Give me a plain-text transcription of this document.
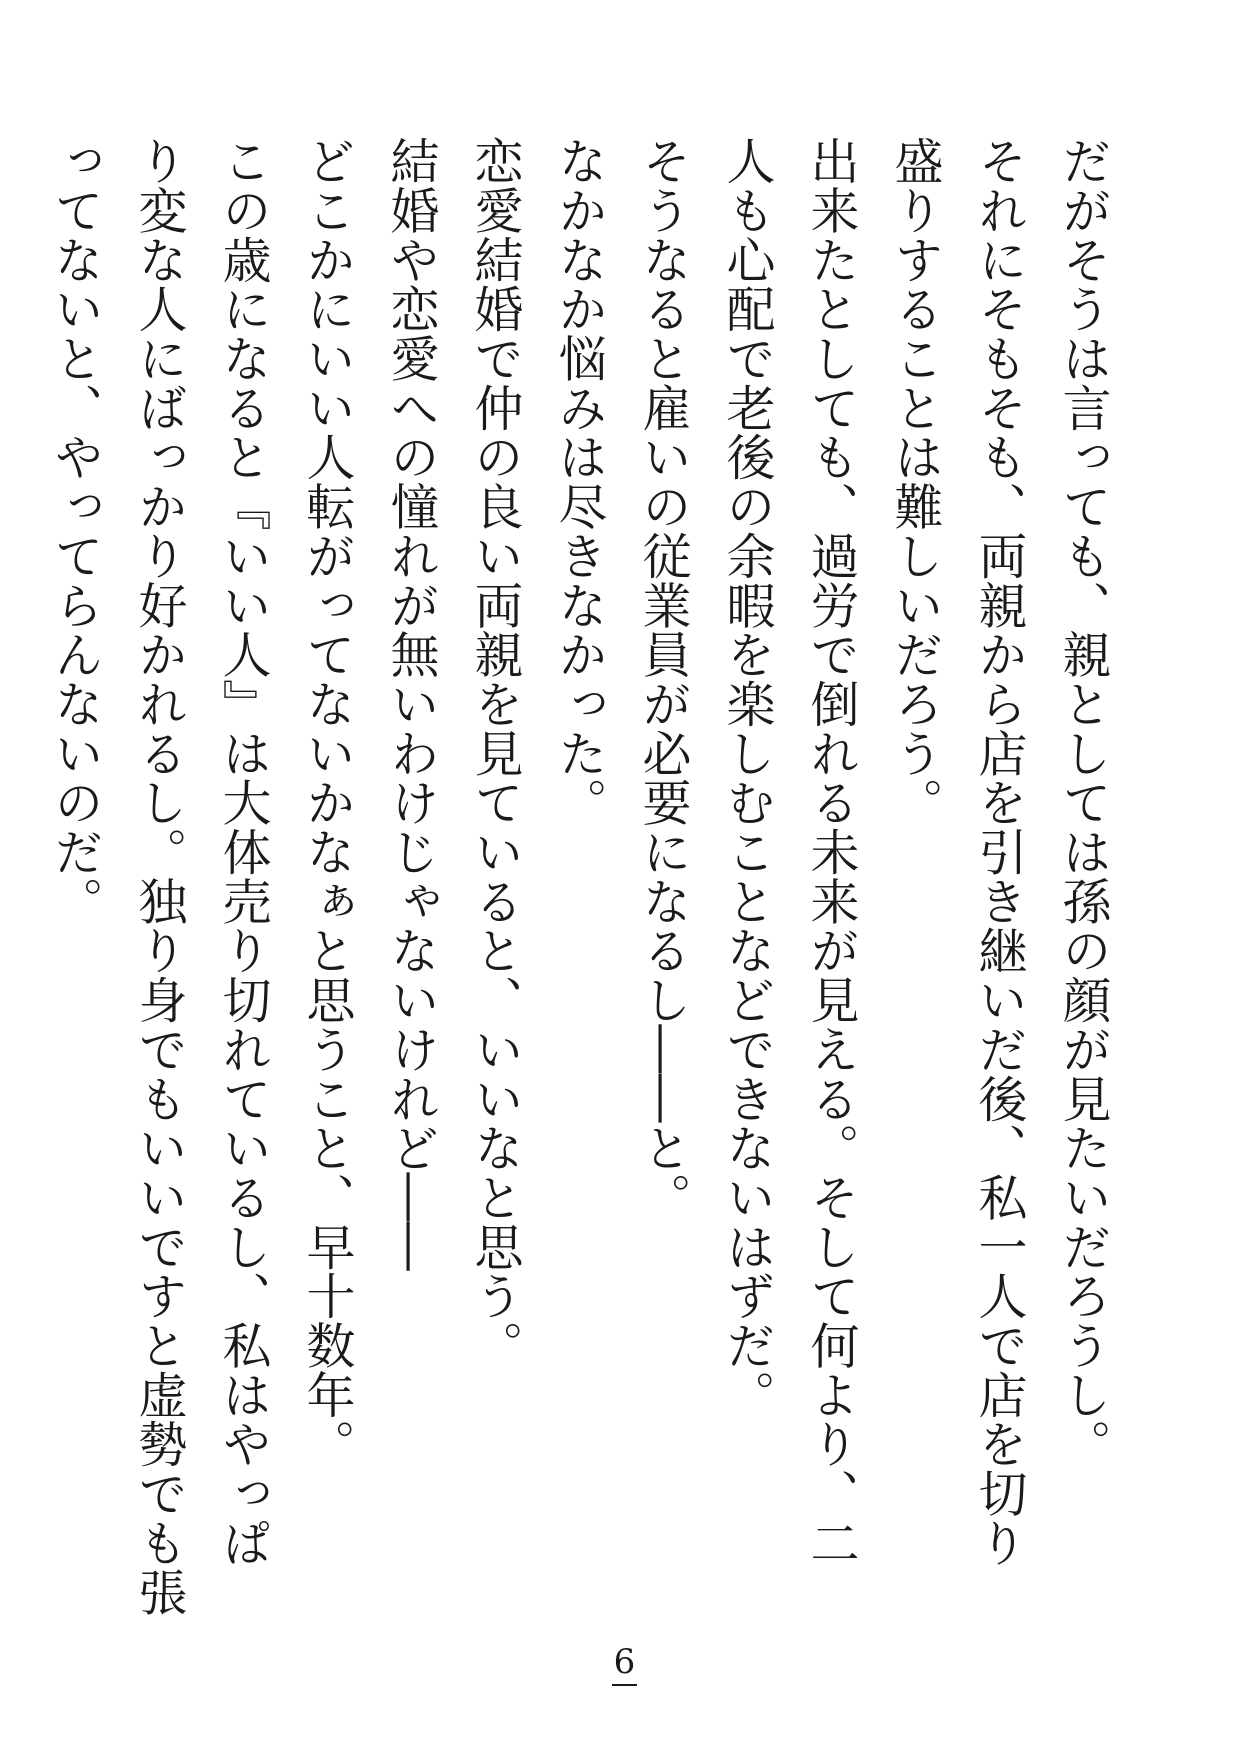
だがそうは言っても、親としては孫の顔が見たいだろうし。
それにそもそも、両親から店を引き継いだ後、私一人で店を切り
盛りすることは難しいだろう。
出来たとしても、過労で倒れる未来が見える。そして何より、二
人も心配で老後の余暇を楽しむことなどできないはずだ。
そうなると雇いの従業員が必要になるし――と。
なかなか悩みは尽きなかった。
恋愛結婚で仲の良い両親を見ていると、いいなと思う。
結婚や恋愛への憧れが無いわけじゃないけれど――
どこかにいい人転がってないかなぁと思うこと、早十数年。
この歳になると『いい人』は大体売り切れているし、私はやっぱ
り変な人にばっかり好かれるし。独り身でもいいですと虚勢でも張
ってないと、やってらんないのだ。
6
